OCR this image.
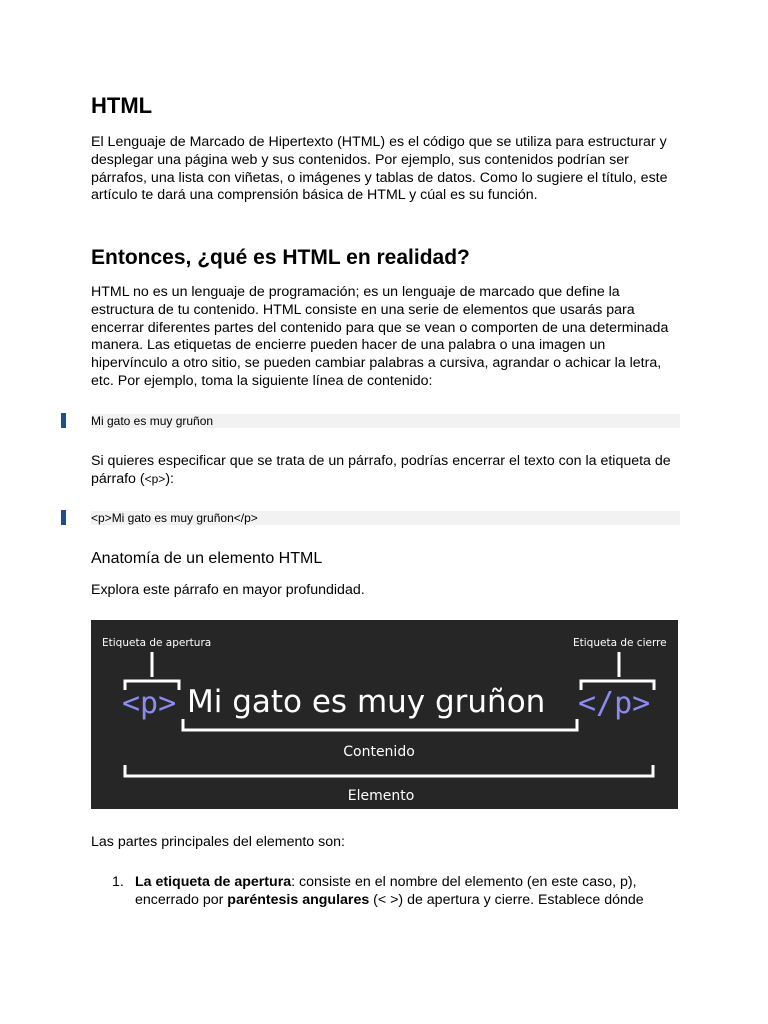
HTML

El Lenguaje de Marcado de Hipertexto (HTML) es el código que se utiliza para estructurar y desplegar una página web y sus contenidos. Por ejemplo, sus contenidos podrían ser párrafos, una lista con viñetas, o imágenes y tablas de datos. Como lo sugiere el título, este artículo te dará una comprensión básica de HTML y cúal es su función.

Entonces, ¿qué es HTML en realidad?

HTML no es un lenguaje de programación; es un lenguaje de marcado que define la estructura de tu contenido. HTML consiste en una serie de elementos que usarás para encerrar diferentes partes del contenido para que se vean o comporten de una determinada manera. Las etiquetas de encierre pueden hacer de una palabra o una imagen un hipervínculo a otro sitio, se pueden cambiar palabras a cursiva, agrandar o achicar la letra, etc. Por ejemplo, toma la siguiente línea de contenido:

Mi gato es muy gruñon

Si quieres especificar que se trata de un párrafo, podrías encerrar el texto con la etiqueta de párrafo (<p>):

<p>Mi gato es muy gruñon</p>
Anatomía de un elemento HTML

Explora este párrafo en mayor profundidad.

Etiqueta de apertura	Etiqueta de cierre
<p> Mi gato es muy gruñon </p>
Contenido
Elemento

Las partes principales del elemento son:

1. La etiqueta de apertura: consiste en el nombre del elemento (en este caso, p), encerrado por paréntesis angulares (< >) de apertura y cierre. Establece dónde
